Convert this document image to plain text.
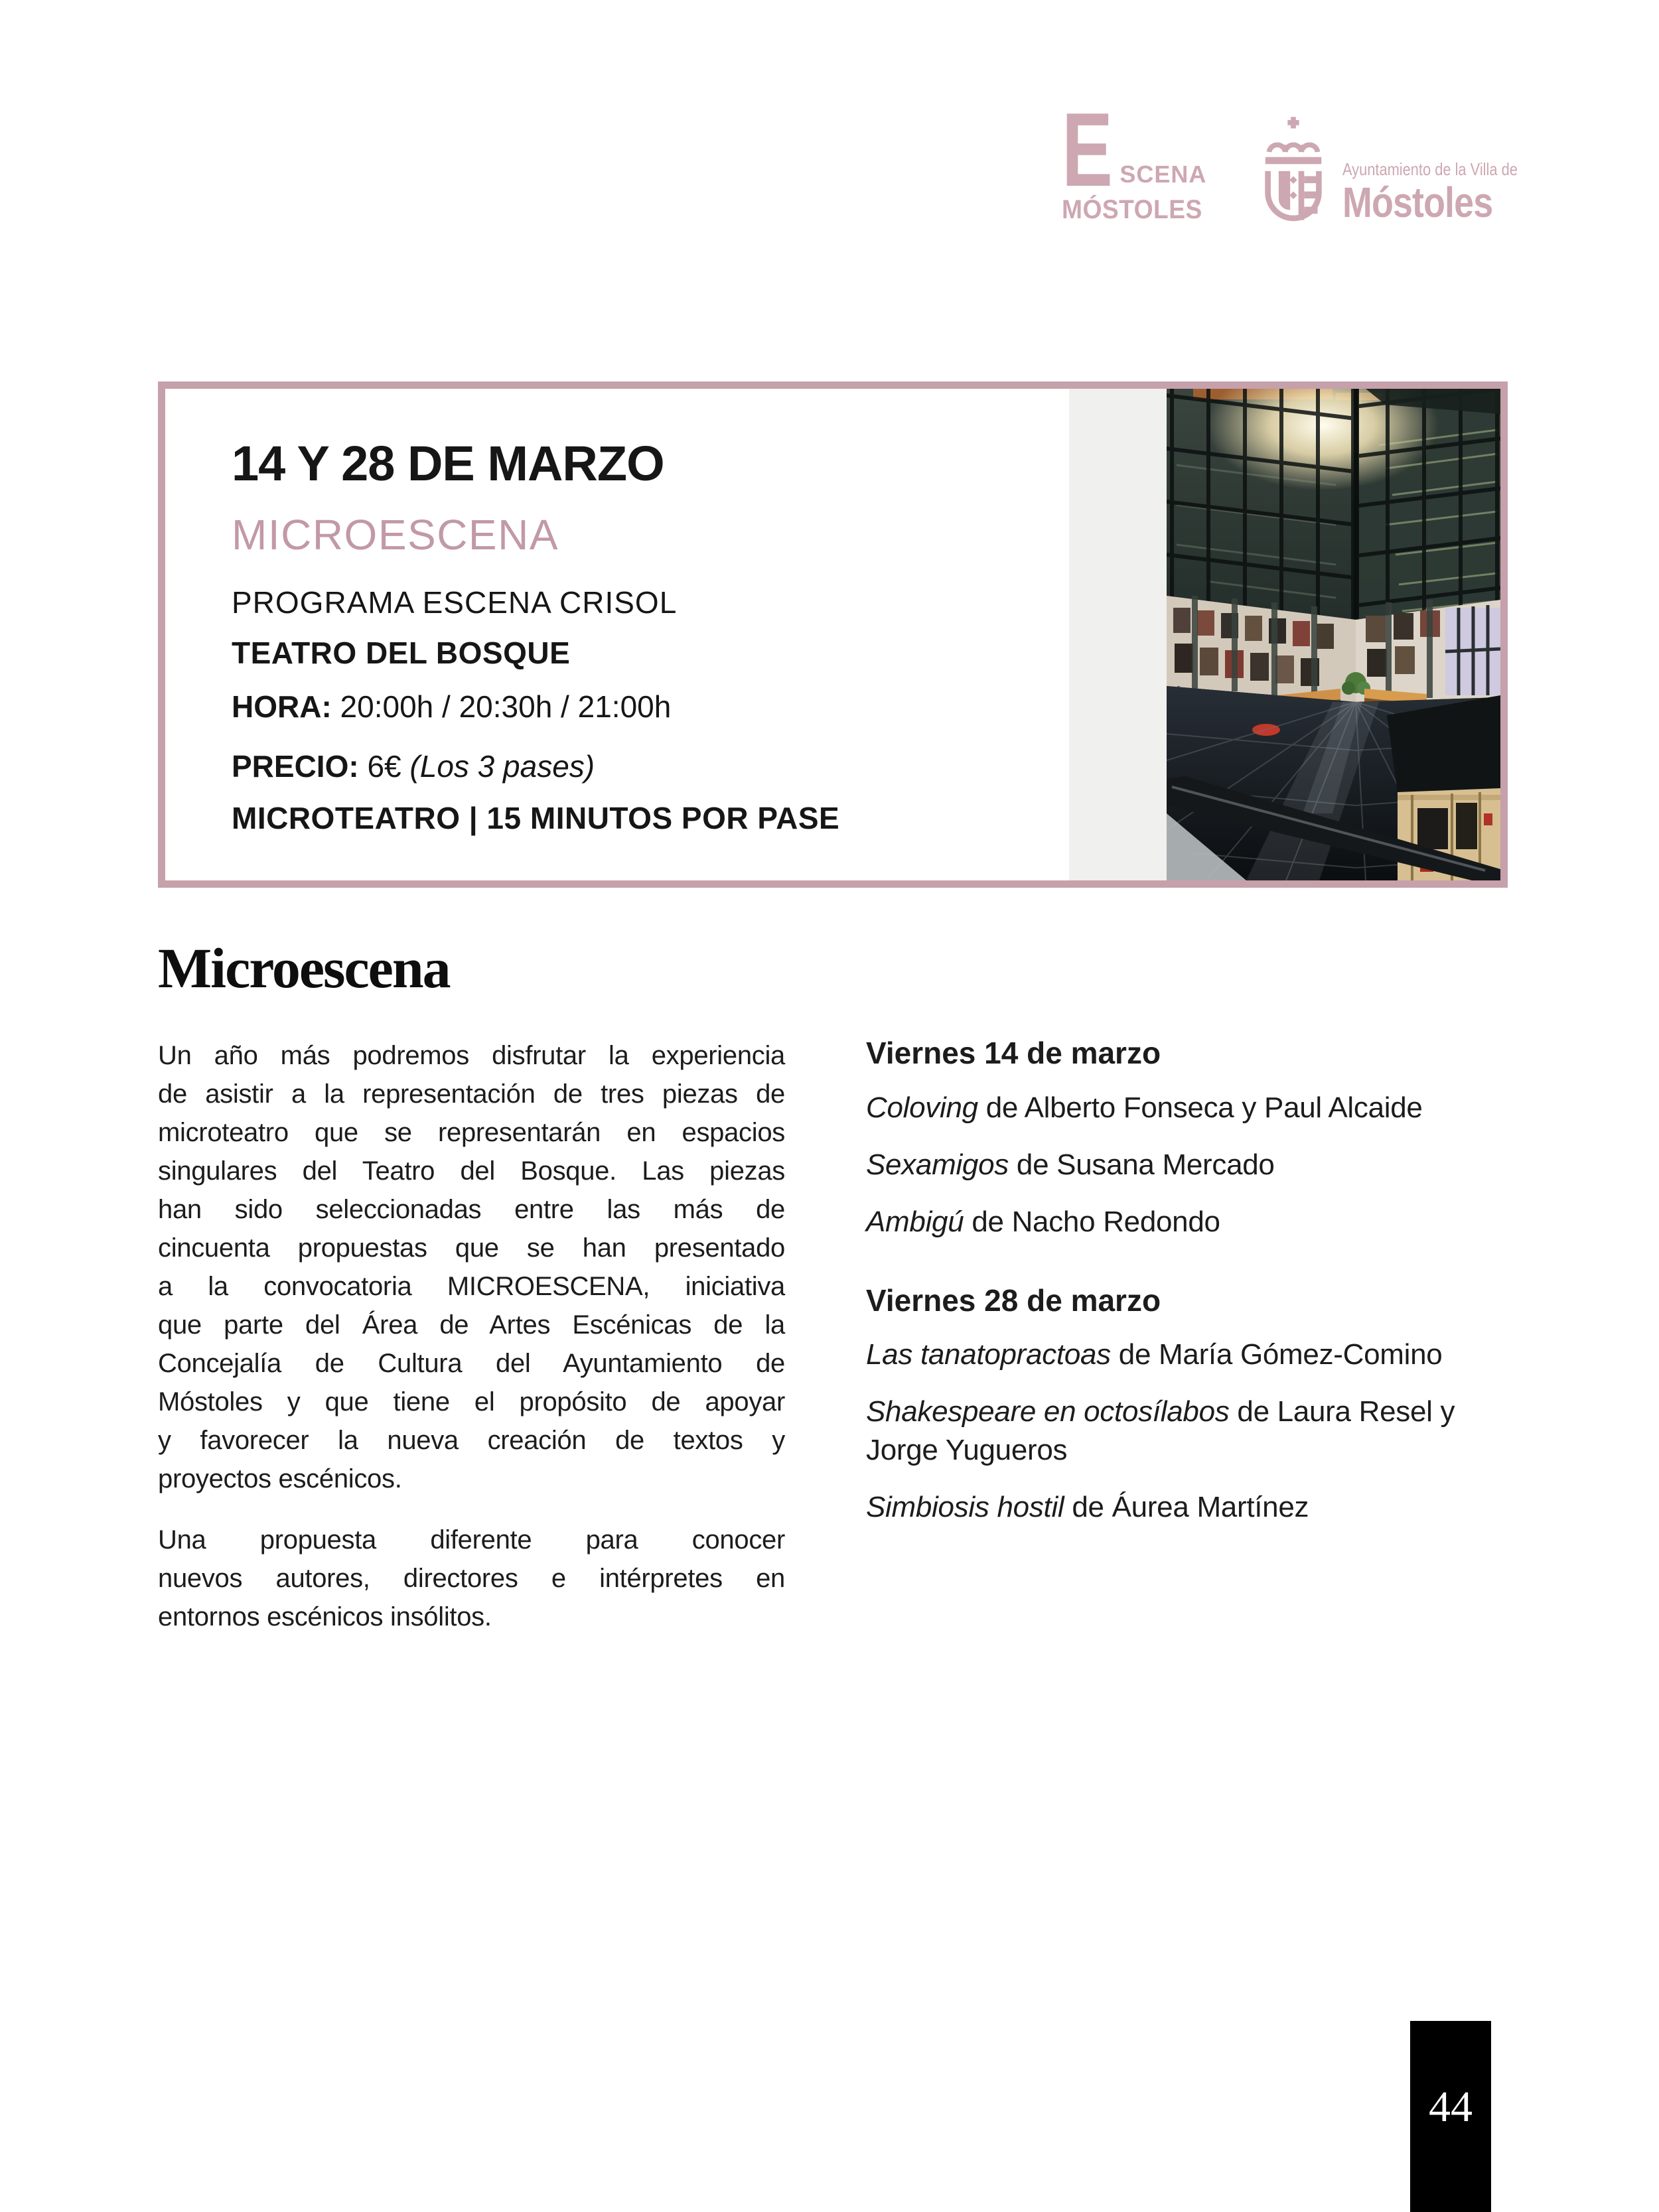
E SCENA
MÓSTOLES
Ayuntamiento de la Villa de
Móstoles
14 Y 28 DE MARZO
MICROESCENA
PROGRAMA ESCENA CRISOL
TEATRO DEL BOSQUE
HORA: 20:00h / 20:30h / 21:00h
PRECIO: 6€ (Los 3 pases)
MICROTEATRO | 15 MINUTOS POR PASE
Microescena
Un año más podremos disfrutar la experiencia
de asistir a la representación de tres piezas de
microteatro que se representarán en espacios
singulares del Teatro del Bosque. Las piezas
han sido seleccionadas entre las más de
cincuenta propuestas que se han presentado
a la convocatoria MICROESCENA, iniciativa
que parte del Área de Artes Escénicas de la
Concejalía de Cultura del Ayuntamiento de
Móstoles y que tiene el propósito de apoyar
y favorecer la nueva creación de textos y
proyectos escénicos.
Una propuesta diferente para conocer
nuevos autores, directores e intérpretes en
entornos escénicos insólitos.
Viernes 14 de marzo
Coloving de Alberto Fonseca y Paul Alcaide
Sexamigos de Susana Mercado
Ambigú de Nacho Redondo
Viernes 28 de marzo
Las tanatopractoas de María Gómez-Comino
Shakespeare en octosílabos de Laura Resel y Jorge Yugueros
Simbiosis hostil de Áurea Martínez
44
